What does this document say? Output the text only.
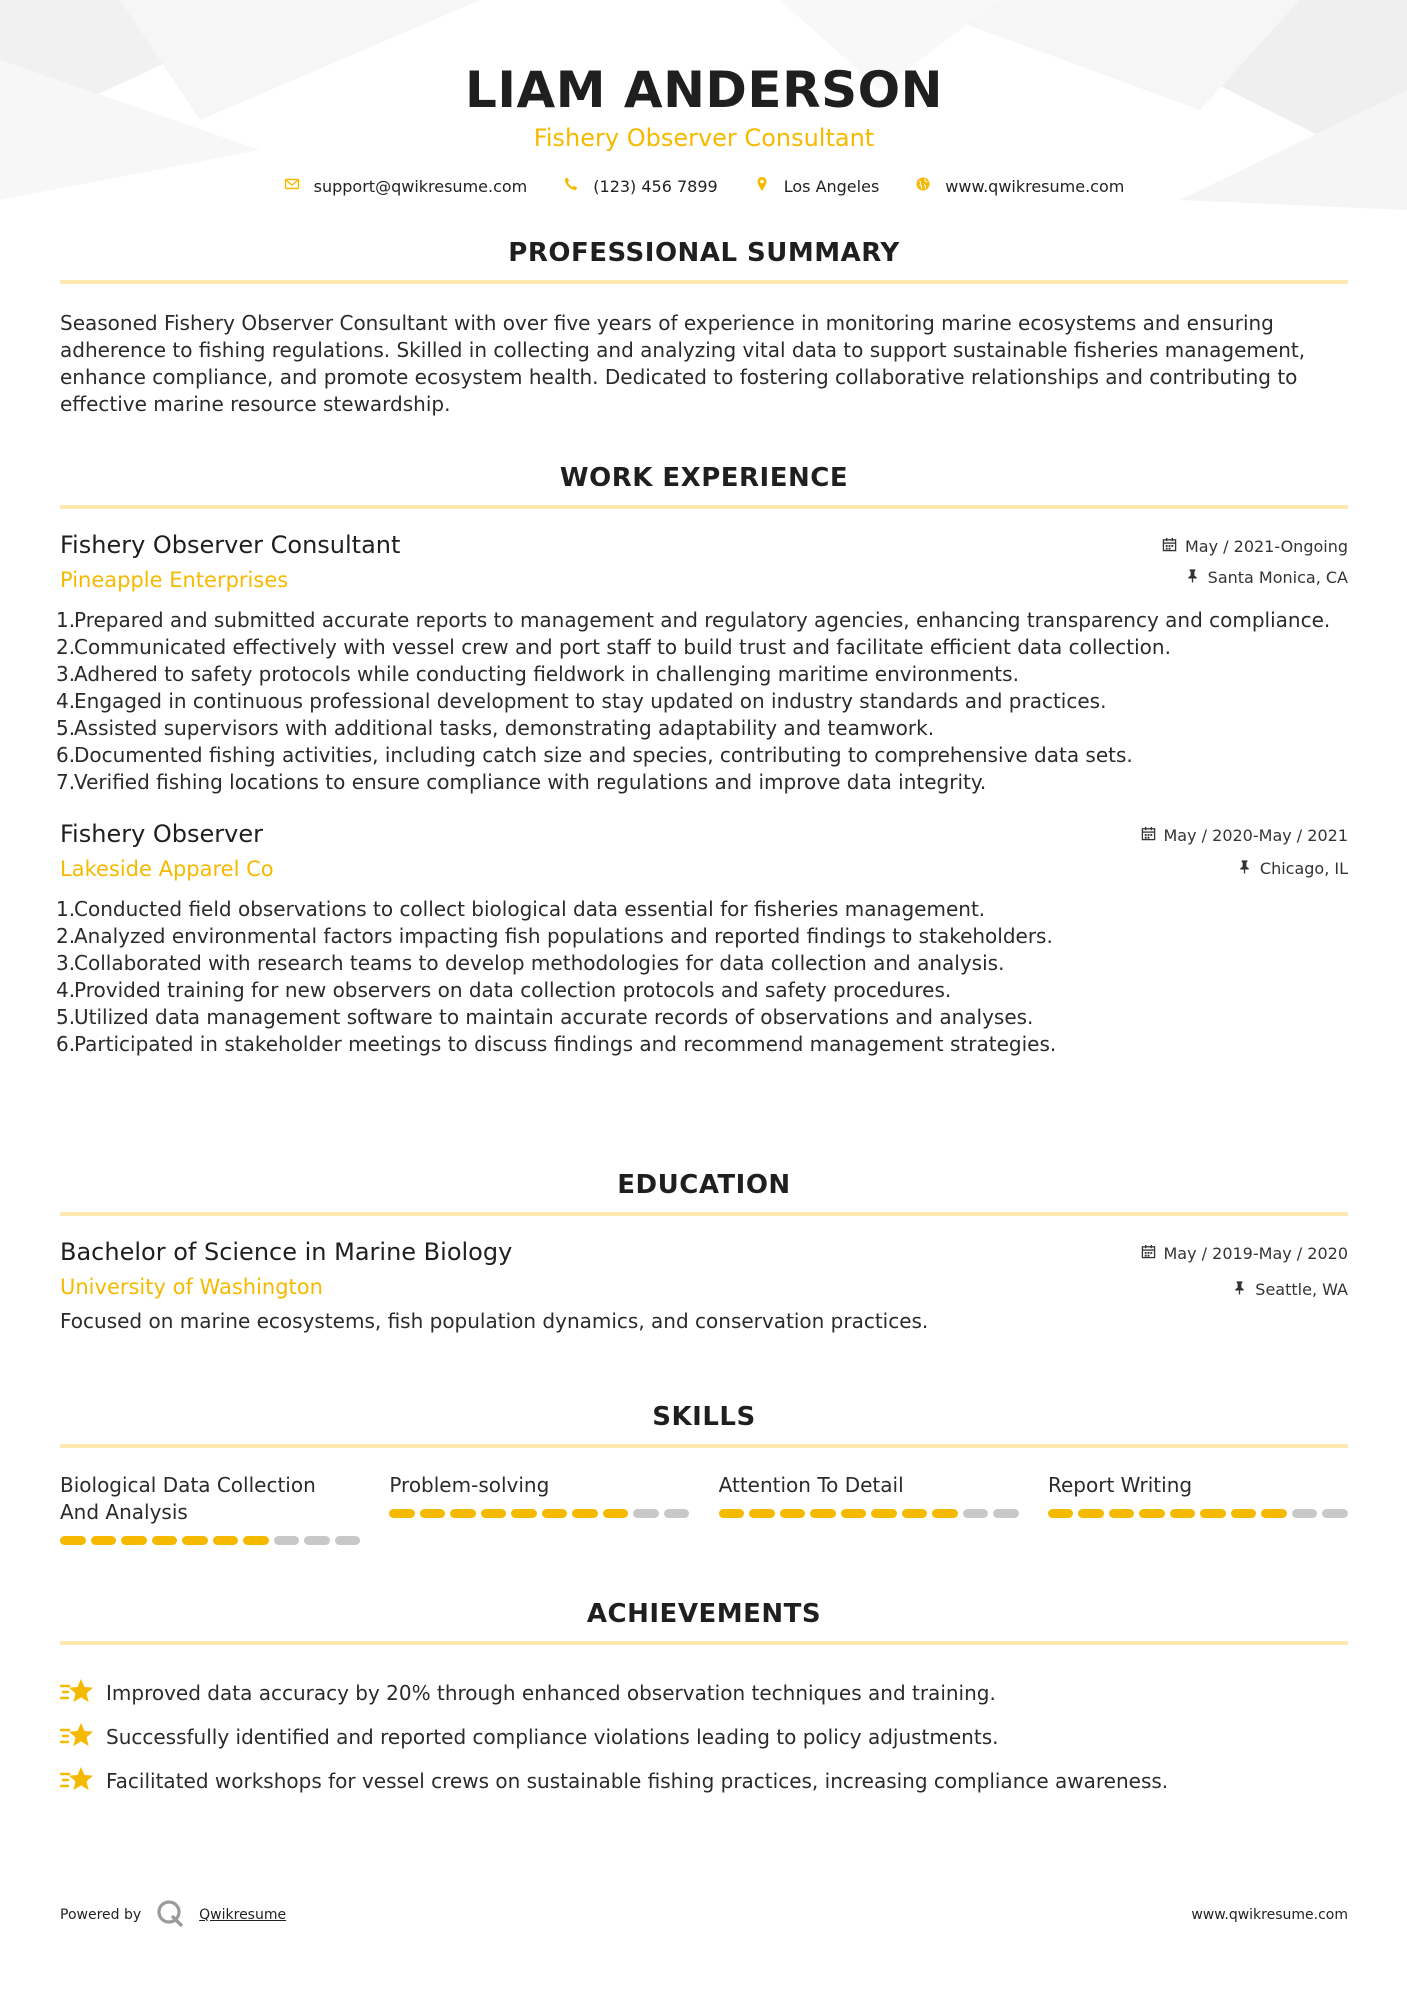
LIAM ANDERSON
Fishery Observer Consultant
support@qwikresume.com	(123) 456 7899	Los Angeles	www.qwikresume.com
PROFESSIONAL SUMMARY
Seasoned Fishery Observer Consultant with over five years of experience in monitoring marine ecosystems and ensuring adherence to fishing regulations. Skilled in collecting and analyzing vital data to support sustainable fisheries management, enhance compliance, and promote ecosystem health. Dedicated to fostering collaborative relationships and contributing to effective marine resource stewardship.
WORK EXPERIENCE
Fishery Observer Consultant
Pineapple Enterprises
May / 2021-Ongoing
Santa Monica, CA
1.
Prepared and submitted accurate reports to management and regulatory agencies, enhancing transparency and compliance.
2.
Communicated effectively with vessel crew and port staff to build trust and facilitate efficient data collection.
3.
Adhered to safety protocols while conducting fieldwork in challenging maritime environments.
4.
Engaged in continuous professional development to stay updated on industry standards and practices.
5.
Assisted supervisors with additional tasks, demonstrating adaptability and teamwork.
6.
Documented fishing activities, including catch size and species, contributing to comprehensive data sets.
7.
Verified fishing locations to ensure compliance with regulations and improve data integrity.
Fishery Observer
Lakeside Apparel Co
May / 2020-May / 2021
Chicago, IL
1.
Conducted field observations to collect biological data essential for fisheries management.
2.
Analyzed environmental factors impacting fish populations and reported findings to stakeholders.
3.
Collaborated with research teams to develop methodologies for data collection and analysis.
4.
Provided training for new observers on data collection protocols and safety procedures.
5.
Utilized data management software to maintain accurate records of observations and analyses.
6.
Participated in stakeholder meetings to discuss findings and recommend management strategies.
EDUCATION
Bachelor of Science in Marine Biology
University of Washington
May / 2019-May / 2020
Seattle, WA
Focused on marine ecosystems, fish population dynamics, and conservation practices.
SKILLS
Biological Data Collection And Analysis
Problem-solving	Attention To Detail	Report Writing
ACHIEVEMENTS
Improved data accuracy by 20% through enhanced observation techniques and training.
Successfully identified and reported compliance violations leading to policy adjustments.
Facilitated workshops for vessel crews on sustainable fishing practices, increasing compliance awareness.
Powered by	Qwikresume	www.qwikresume.com
